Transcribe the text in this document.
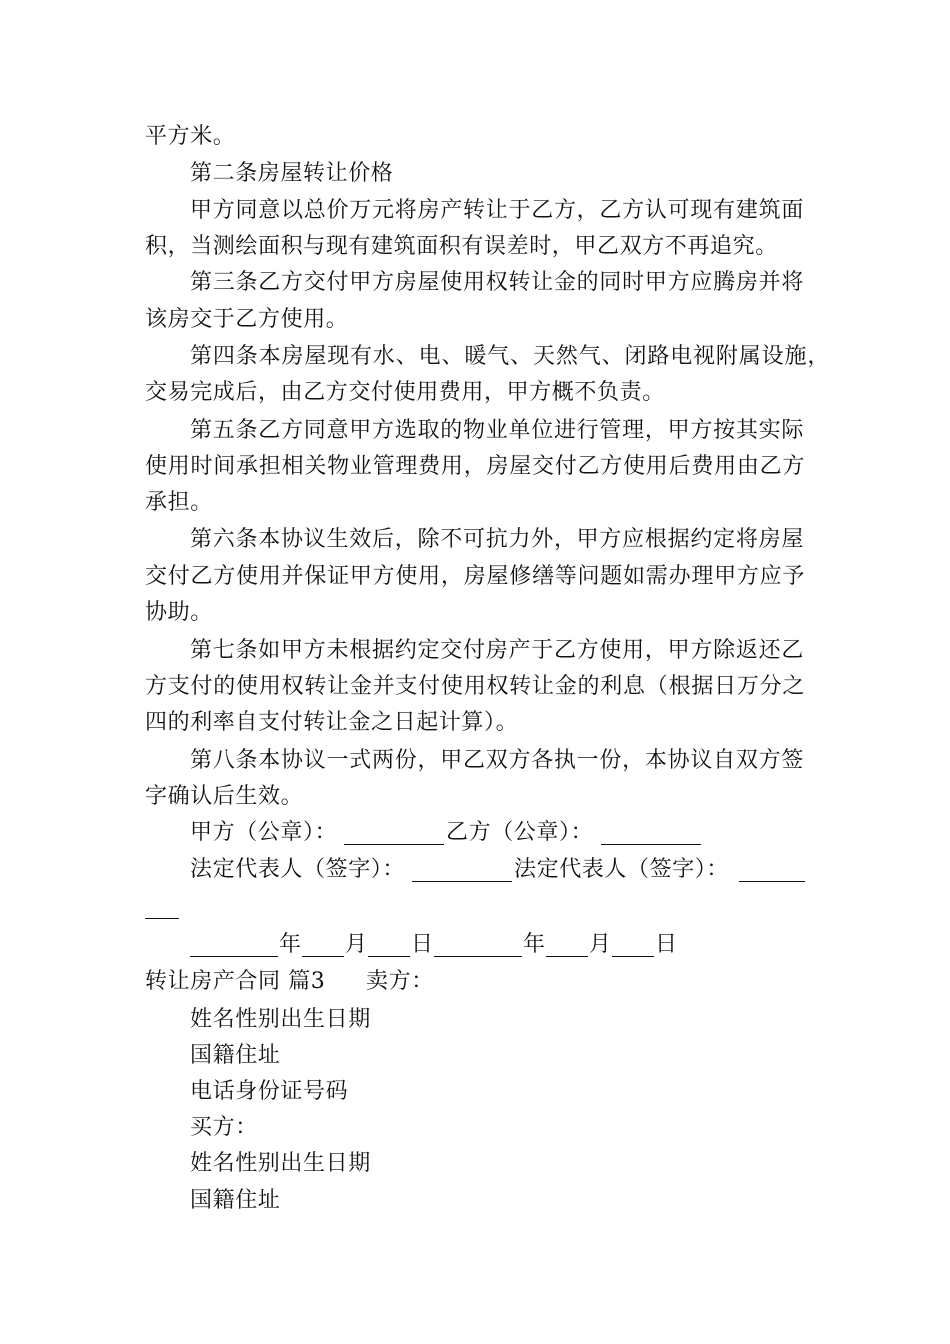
平方米。
第二条房屋转让价格
甲方同意以总价万元将房产转让于乙方，乙方认可现有建筑面
积，当测绘面积与现有建筑面积有误差时，甲乙双方不再追究。
第三条乙方交付甲方房屋使用权转让金的同时甲方应腾房并将
该房交于乙方使用。
第四条本房屋现有水、电、暖气、天然气、闭路电视附属设施，
交易完成后，由乙方交付使用费用，甲方概不负责。
第五条乙方同意甲方选取的物业单位进行管理，甲方按其实际
使用时间承担相关物业管理费用，房屋交付乙方使用后费用由乙方
承担。
第六条本协议生效后，除不可抗力外，甲方应根据约定将房屋
交付乙方使用并保证甲方使用，房屋修缮等问题如需办理甲方应予
协助。
第七条如甲方未根据约定交付房产于乙方使用，甲方除返还乙
方支付的使用权转让金并支付使用权转让金的利息（根据日万分之
四的利率自支付转让金之日起计算）。
第八条本协议一式两份，甲乙双方各执一份，本协议自双方签
字确认后生效。
甲方（公章）：	乙方（公章）：
法定代表人（签字）：	法定代表人（签字）：
年 月 日	年 月 日
转让房产合同 篇3 卖方：
姓名性别出生日期
国籍住址
电话身份证号码
买方：
姓名性别出生日期
国籍住址
